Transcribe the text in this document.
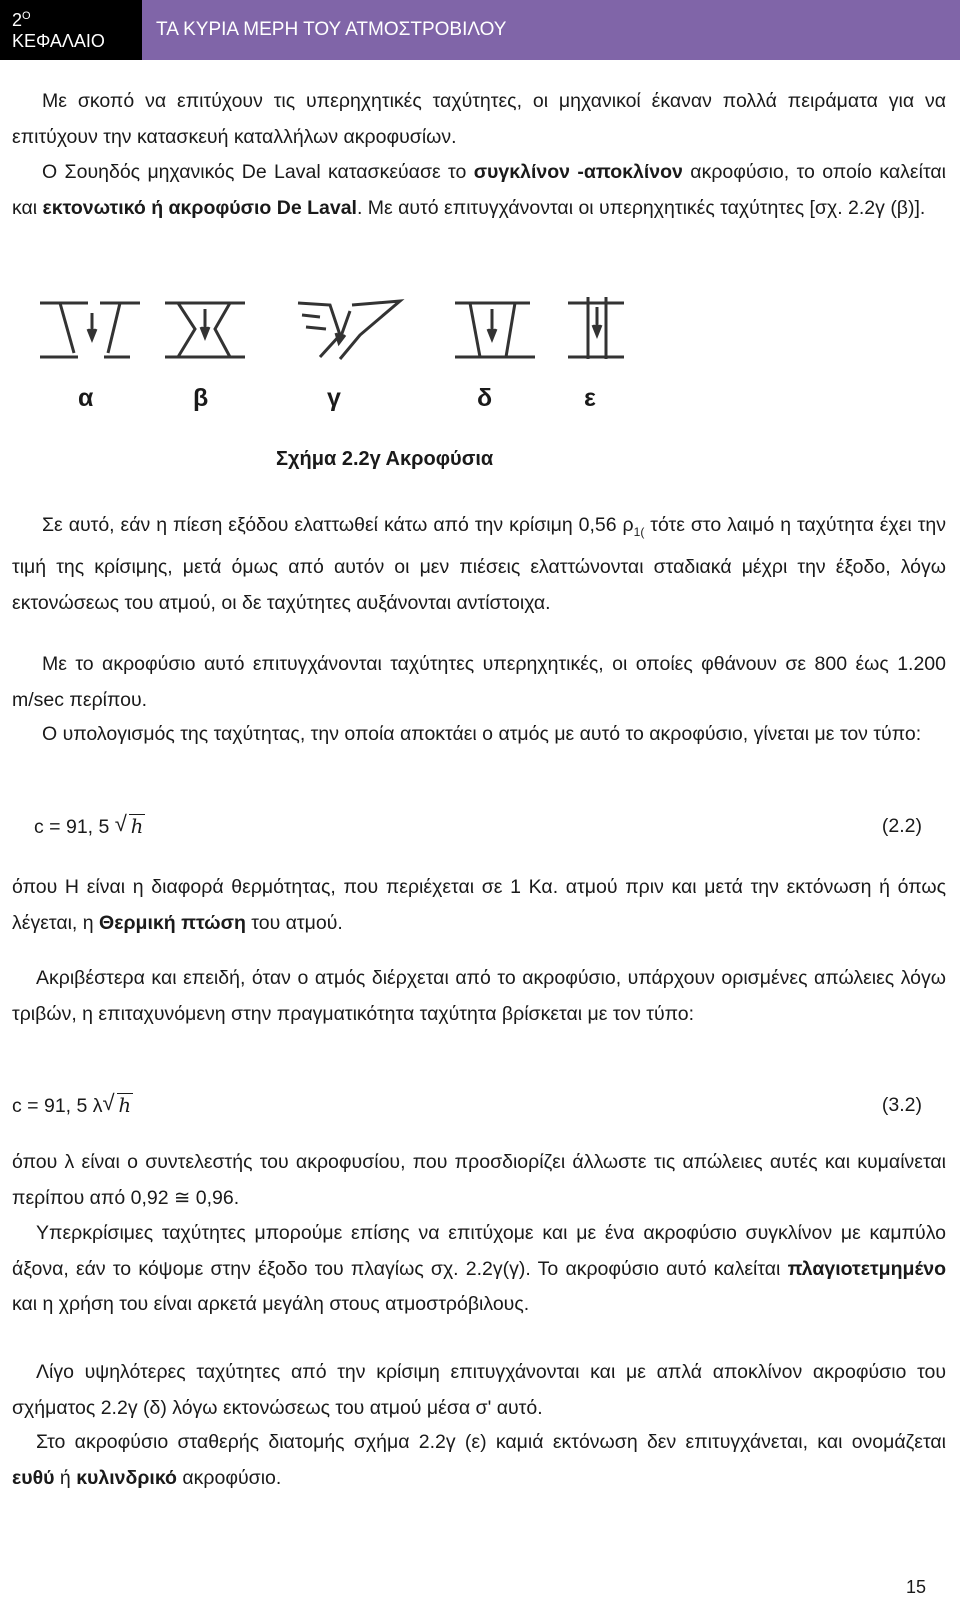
$2^O$
ΚΕΦΑΛΑΙΟ
ΤΑ ΚΥΡΙΑ ΜΕΡΗ ΤΟΥ ΑΤΜΟΣΤΡΟΒΙΛΟΥ

Με σκοπό να επιτύχουν τις υπερηχητικές ταχύτητες, οι μηχανικοί έκαναν πολλά πειράματα για να επιτύχουν την κατασκευή καταλλήλων ακροφυσίων.

Ο Σουηδός μηχανικός De Laval κατασκεύασε το συγκλίνον -αποκλίνον ακροφύσιο, το οποίο καλείται και εκτονωτικό ή ακροφύσιο De Laval. Με αυτό επιτυγχάνονται οι υπερηχητικές ταχύτητες [σχ. 2.2γ (β)].

α	β	γ	δ	ε
Σχήμα 2.2γ Ακροφύσια

Σε αυτό, εάν η πίεση εξόδου ελαττωθεί κάτω από την κρίσιμη 0,56 $\rho_{1(}$ τότε στο λαιμό η ταχύτητα έχει την τιμή της κρίσιμης, μετά όμως από αυτόν οι μεν πιέσεις ελαττώνονται σταδιακά μέχρι την έξοδο, λόγω εκτονώσεως του ατμού, οι δε ταχύτητες αυξάνονται αντίστοιχα.

Με το ακροφύσιο αυτό επιτυγχάνονται ταχύτητες υπερηχητικές, οι οποίες φθάνουν σε 800 έως 1.200 m/sec περίπου.

Ο υπολογισμός της ταχύτητας, την οποία αποκτάει ο ατμός με αυτό το ακροφύσιο, γίνεται με τον τύπο:

c = 91, 5 √ h	(2.2)

όπου Η είναι η διαφορά θερμότητας, που περιέχεται σε 1 Κα. ατμού πριν και μετά την εκτόνωση ή όπως λέγεται, η Θερμική πτώση του ατμού.

Ακριβέστερα και επειδή, όταν ο ατμός διέρχεται από το ακροφύσιο, υπάρχουν ορισμένες απώλειες λόγω τριβών, η επιταχυνόμενη στην πραγματικότητα ταχύτητα βρίσκεται με τον τύπο:

c = 91, 5 λ √ h	(3.2)

όπου λ είναι ο συντελεστής του ακροφυσίου, που προσδιορίζει άλλωστε τις απώλειες αυτές και κυμαίνεται περίπου από 0,92 ≅ 0,96.

Υπερκρίσιμες ταχύτητες μπορούμε επίσης να επιτύχομε και με ένα ακροφύσιο συγκλίνον με καμπύλο άξονα, εάν το κόψομε στην έξοδο του πλαγίως σχ. 2.2γ(γ). Το ακροφύσιο αυτό καλείται πλαγιοτετμημένο και η χρήση του είναι αρκετά μεγάλη στους ατμοστρόβιλους.

Λίγο υψηλότερες ταχύτητες από την κρίσιμη επιτυγχάνονται και με απλά αποκλίνον ακροφύσιο του σχήματος 2.2γ (δ) λόγω εκτονώσεως του ατμού μέσα σ' αυτό.

Στο ακροφύσιο σταθερής διατομής σχήμα 2.2γ (ε) καμιά εκτόνωση δεν επιτυγχάνεται, και ονομάζεται ευθύ ή κυλινδρικό ακροφύσιο.

15
